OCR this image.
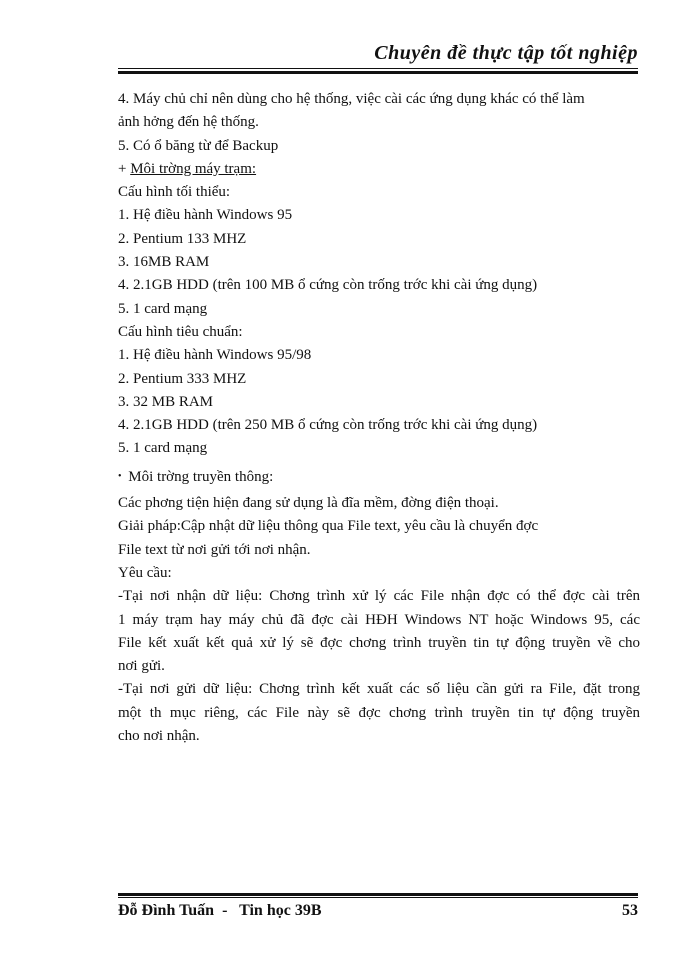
Chuyên đề thực tập tốt nghiệp
4. Máy chủ chỉ nên dùng cho hệ thống, việc cài các ứng dụng khác có thể làm
ảnh hởng đến hệ thống.
5. Có ổ băng từ để Backup
+ Môi trờng máy trạm:
Cấu hình tối thiểu:
1. Hệ điều hành Windows 95
2. Pentium 133 MHZ
3. 16MB RAM
4. 2.1GB HDD (trên 100 MB ổ cứng còn trống trớc khi cài ứng dụng)
5. 1 card mạng
Cấu hình tiêu chuẩn:
1. Hệ điều hành Windows 95/98
2. Pentium 333 MHZ
3. 32 MB RAM
4. 2.1GB HDD (trên 250 MB ổ cứng còn trống trớc khi cài ứng dụng)
5. 1 card mạng
• Môi trờng truyền thông:
Các phơng tiện hiện đang sử dụng là đĩa mềm, đờng điện thoại.
Giải pháp:Cập nhật dữ liệu thông qua File text, yêu cầu là chuyển đợc
File text từ nơi gửi tới nơi nhận.
Yêu cầu:
-Tại nơi nhận dữ liệu: Chơng trình xử lý các File nhận đợc có thể đợc cài trên
1 máy trạm hay máy chủ đã đợc cài HĐH Windows NT hoặc Windows 95, các
File kết xuất kết quả xử lý sẽ đợc chơng trình truyền tin tự động truyền về cho
nơi gửi.
-Tại nơi gửi dữ liệu: Chơng trình kết xuất các số liệu cần gửi ra File, đặt trong
một th mục riêng, các File này sẽ đợc chơng trình truyền tin tự động truyền
cho nơi nhận.
Đỗ Đình Tuấn  -   Tin học 39B	53
